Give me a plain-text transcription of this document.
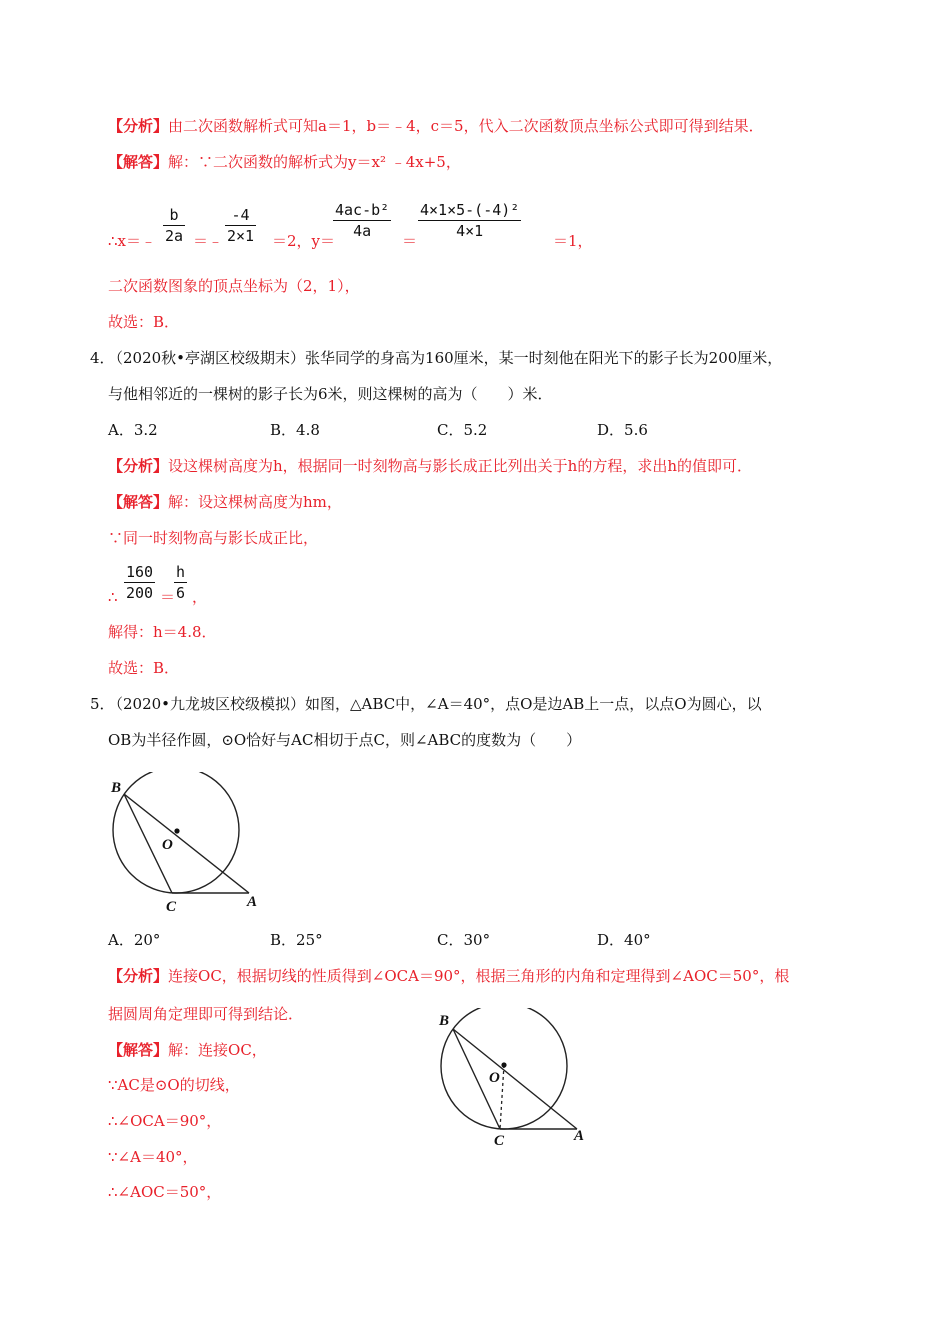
【分析】由二次函数解析式可知a＝1，b＝﹣4，c＝5，代入二次函数顶点坐标公式即可得到结果．
【解答】解：∵二次函数的解析式为y＝x² ﹣4x+5，
∴x＝﹣
b
2a ＝﹣
-4
2×1 ＝2，y＝
4ac-b²
4a
＝
4×1×5-(-4)²
4×1
＝1，
二次函数图象的顶点坐标为（2，1），
故选：B．
4．
（2020秋•亭湖区校级期末）张华同学的身高为160厘米，某一时刻他在阳光下的影子长为200厘米，
与他相邻近的一棵树的影子长为6米，则这棵树的高为（　　）米．
A．3.2	B．4.8	C．5.2	D．5.6
【分析】设这棵树高度为h，根据同一时刻物高与影长成正比列出关于h的方程，求出h的值即可．
【解答】解：设这棵树高度为hm，
∵同一时刻物高与影长成正比，
∴
160
200 ＝
h
6 ，
解得：h＝4.8．
故选：B．
5．
（2020•九龙坡区校级模拟）如图，△ABC中，∠A＝40°，点O是边AB上一点，以点O为圆心，以
OB为半径作圆，⊙O恰好与AC相切于点C，则∠ABC的度数为（　　）
B
O
C	A
A．20°	B．25°	C．30°	D．40°
【分析】连接OC，根据切线的性质得到∠OCA＝90°，根据三角形的内角和定理得到∠AOC＝50°，根
据圆周角定理即可得到结论．
【解答】解：连接OC，
∵AC是⊙O的切线，
∴∠OCA＝90°，
∵∠A＝40°，
∴∠AOC＝50°，
B
O
C	A
